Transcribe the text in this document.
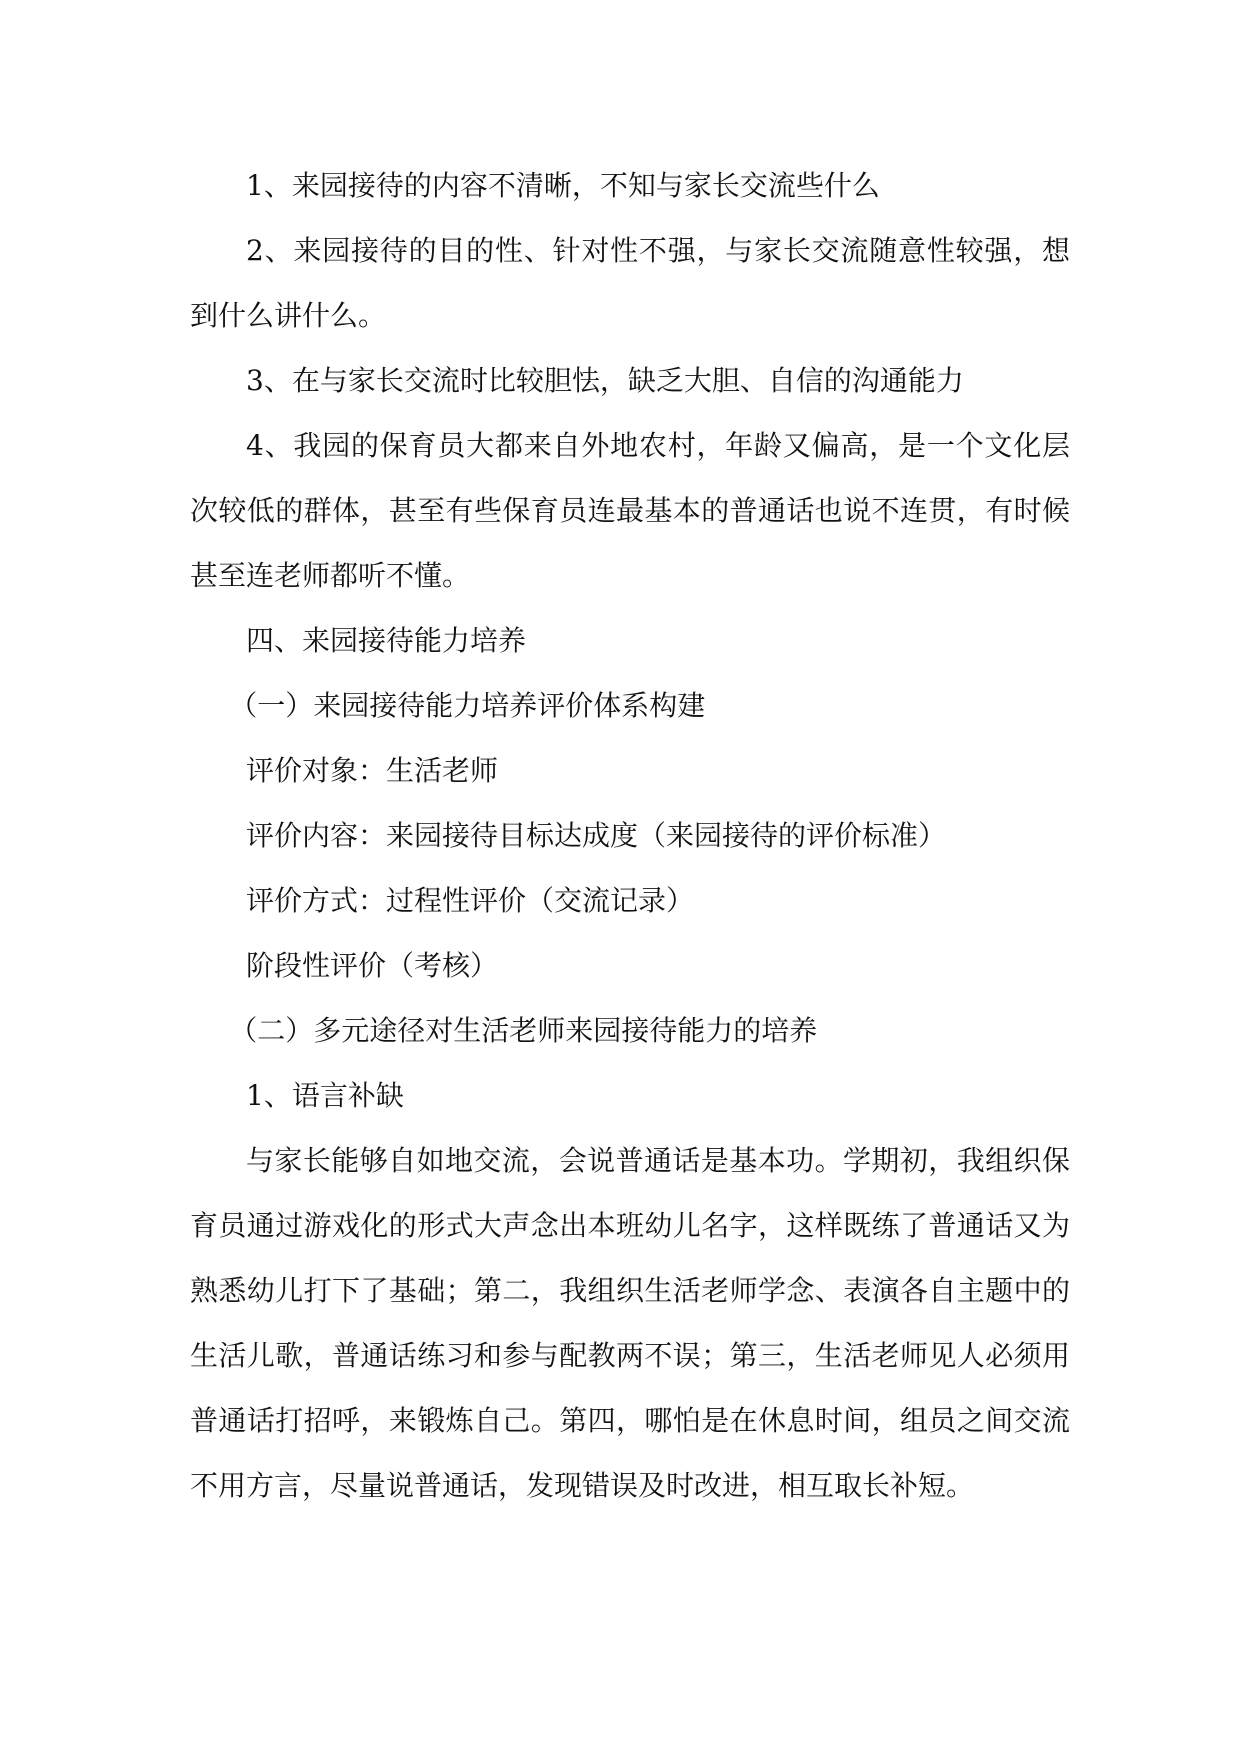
1、来园接待的内容不清晰，不知与家长交流些什么

2、来园接待的目的性、针对性不强，与家长交流随意性较强，想到什么讲什么。

3、在与家长交流时比较胆怯，缺乏大胆、自信的沟通能力

4、我园的保育员大都来自外地农村，年龄又偏高，是一个文化层次较低的群体，甚至有些保育员连最基本的普通话也说不连贯，有时候甚至连老师都听不懂。

四、来园接待能力培养

（一）来园接待能力培养评价体系构建

评价对象：生活老师

评价内容：来园接待目标达成度（来园接待的评价标准）

评价方式：过程性评价（交流记录）

阶段性评价（考核）

（二）多元途径对生活老师来园接待能力的培养

1、语言补缺

与家长能够自如地交流，会说普通话是基本功。学期初，我组织保育员通过游戏化的形式大声念出本班幼儿名字，这样既练了普通话又为熟悉幼儿打下了基础；第二，我组织生活老师学念、表演各自主题中的生活儿歌，普通话练习和参与配教两不误；第三，生活老师见人必须用普通话打招呼，来锻炼自己。第四，哪怕是在休息时间，组员之间交流不用方言，尽量说普通话，发现错误及时改进，相互取长补短。
